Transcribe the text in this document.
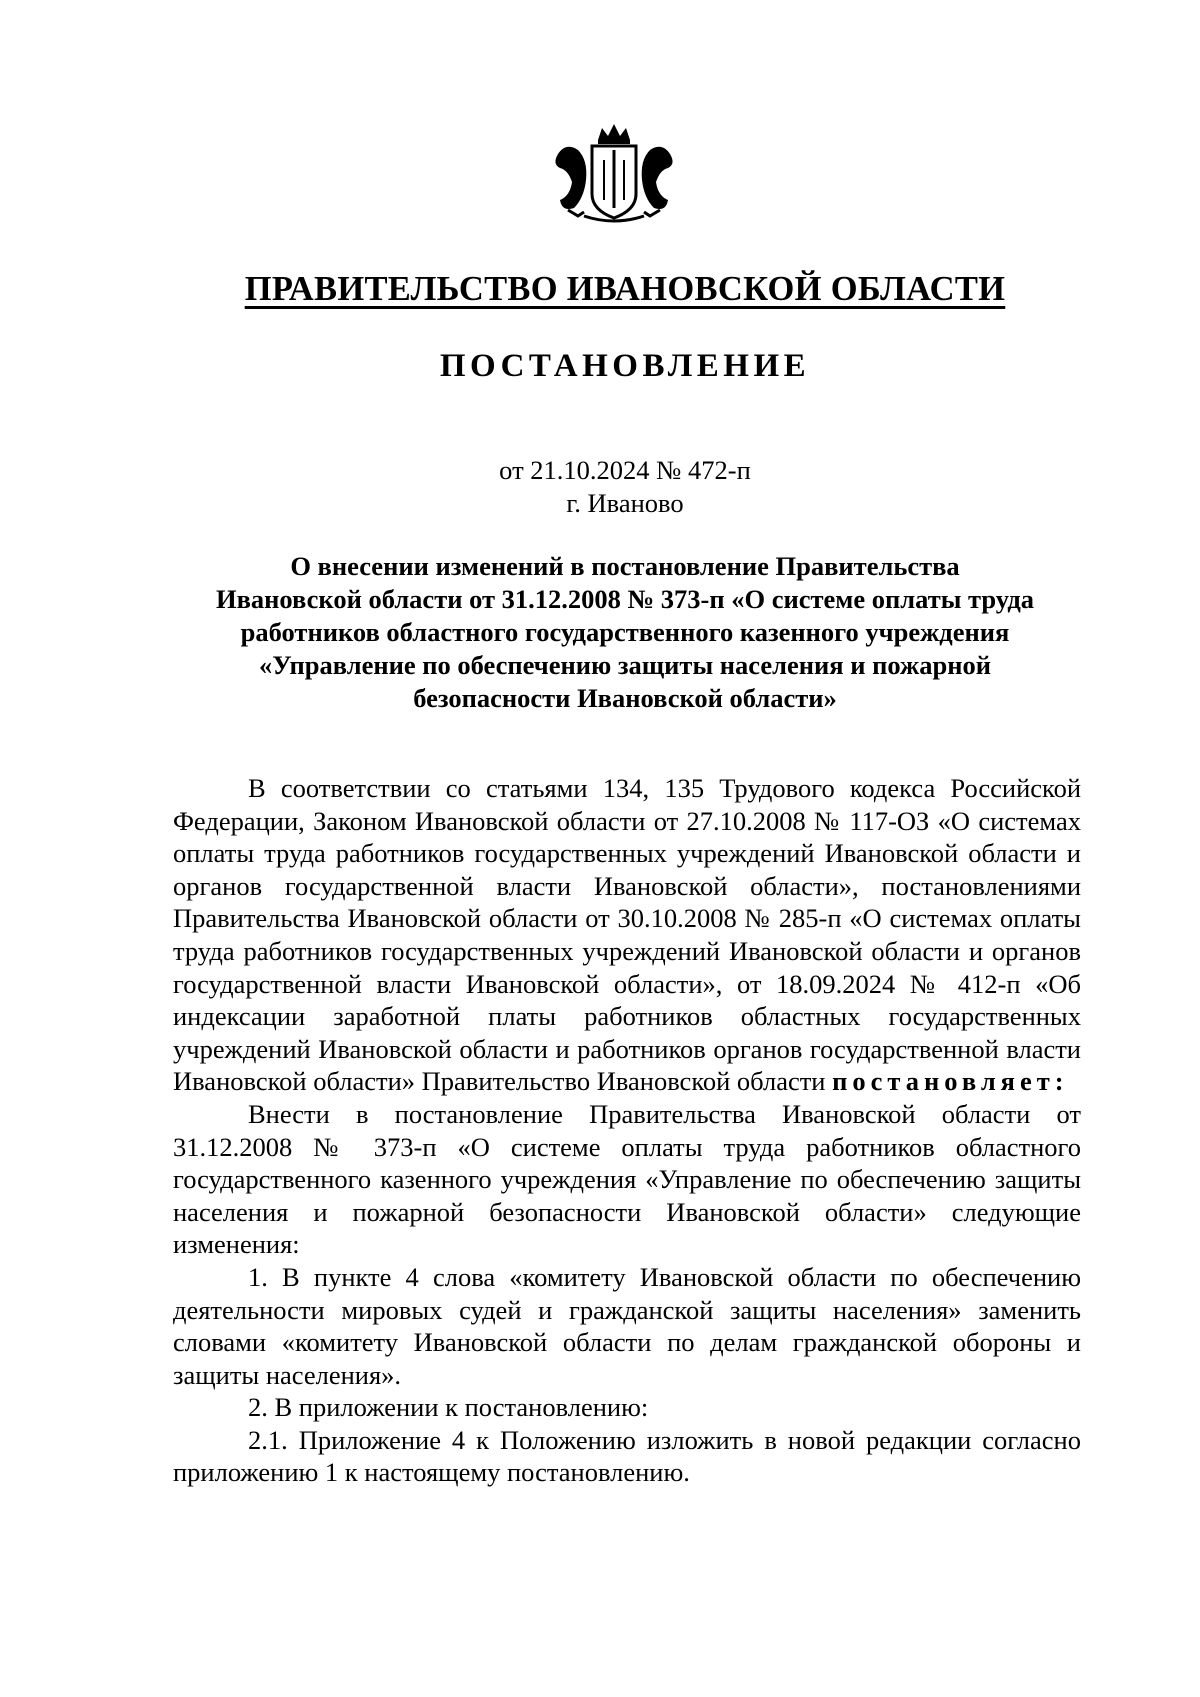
ПРАВИТЕЛЬСТВО ИВАНОВСКОЙ ОБЛАСТИ
ПОСТАНОВЛЕНИЕ
от 21.10.2024 № 472-п
г. Иваново
О внесении изменений в постановление Правительства
Ивановской области от 31.12.2008 № 373-п «О системе оплаты труда
работников областного государственного казенного учреждения
«Управление по обеспечению защиты населения и пожарной
безопасности Ивановской области»

В соответствии со статьями 134, 135 Трудового кодекса Российской Федерации, Законом Ивановской области от 27.10.2008 № 117-ОЗ «О системах оплаты труда работников государственных учреждений Ивановской области и органов государственной власти Ивановской области», постановлениями Правительства Ивановской области от 30.10.2008 № 285-п «О системах оплаты труда работников государственных учреждений Ивановской области и органов государственной власти Ивановской области», от 18.09.2024 № 412-п «Об индексации заработной платы работников областных государственных учреждений Ивановской области и работников органов государственной власти Ивановской области» Правительство Ивановской области постановляет:

Внести в постановление Правительства Ивановской области от 31.12.2008 № 373-п «О системе оплаты труда работников областного государственного казенного учреждения «Управление по обеспечению защиты населения и пожарной безопасности Ивановской области» следующие изменения:

1. В пункте 4 слова «комитету Ивановской области по обеспечению деятельности мировых судей и гражданской защиты населения» заменить словами «комитету Ивановской области по делам гражданской обороны и защиты населения».

2. В приложении к постановлению:

2.1. Приложение 4 к Положению изложить в новой редакции согласно приложению 1 к настоящему постановлению.
